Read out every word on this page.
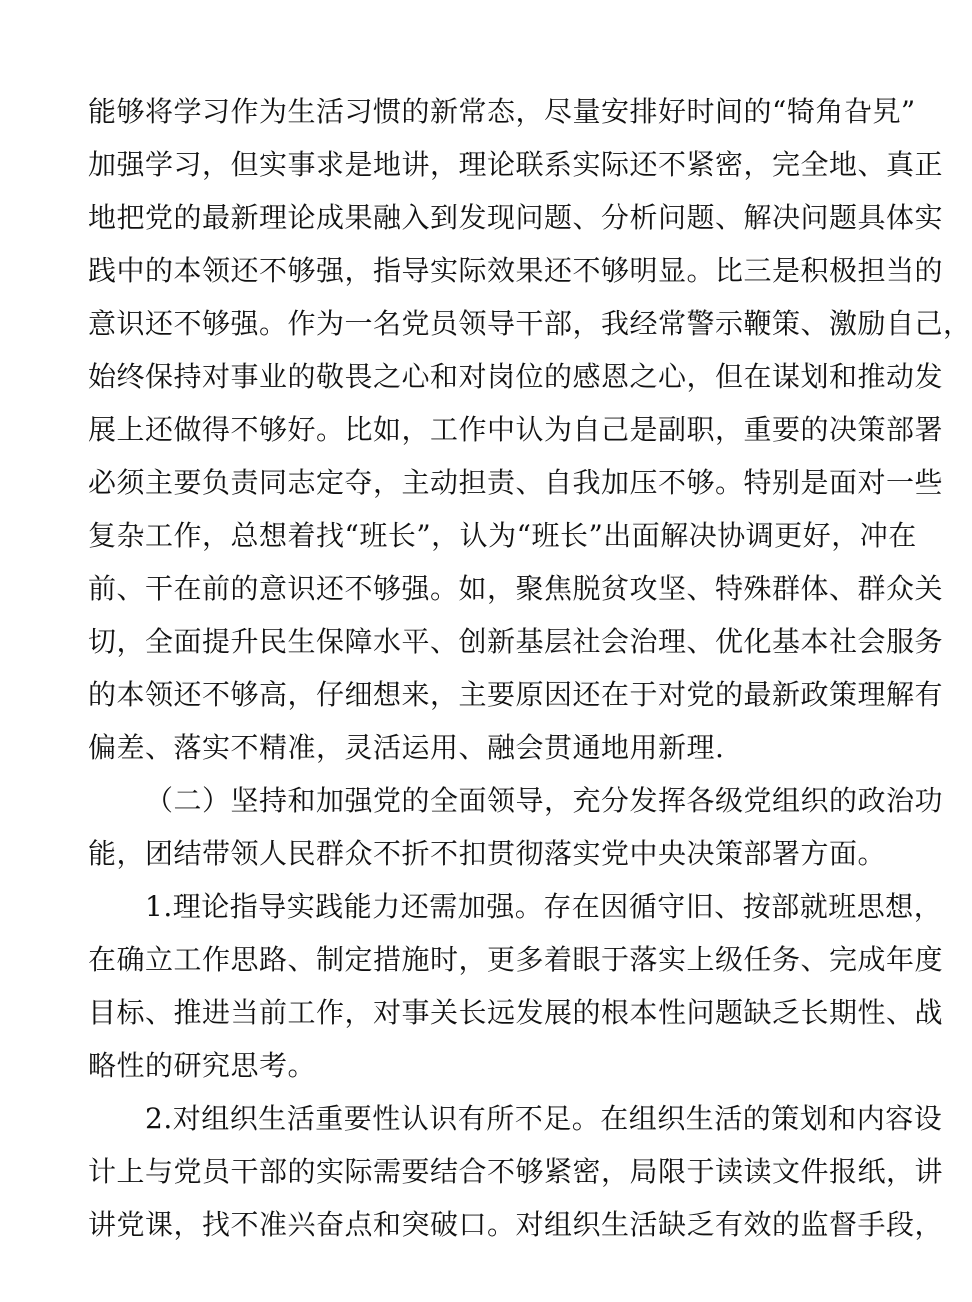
能够将学习作为生活习惯的新常态，尽量安排好时间的“犄角旮旯”
加强学习，但实事求是地讲，理论联系实际还不紧密，完全地、真正
地把党的最新理论成果融入到发现问题、分析问题、解决问题具体实
践中的本领还不够强，指导实际效果还不够明显。比三是积极担当的
意识还不够强。作为一名党员领导干部，我经常警示鞭策、激励自己，
始终保持对事业的敬畏之心和对岗位的感恩之心，但在谋划和推动发
展上还做得不够好。比如，工作中认为自己是副职，重要的决策部署
必须主要负责同志定夺，主动担责、自我加压不够。特别是面对一些
复杂工作，总想着找“班长”，认为“班长”出面解决协调更好，冲在
前、干在前的意识还不够强。如，聚焦脱贫攻坚、特殊群体、群众关
切，全面提升民生保障水平、创新基层社会治理、优化基本社会服务
的本领还不够高，仔细想来，主要原因还在于对党的最新政策理解有
偏差、落实不精准，灵活运用、融会贯通地用新理.
（二）坚持和加强党的全面领导，充分发挥各级党组织的政治功
能，团结带领人民群众不折不扣贯彻落实党中央决策部署方面。
1.理论指导实践能力还需加强。存在因循守旧、按部就班思想，
在确立工作思路、制定措施时，更多着眼于落实上级任务、完成年度
目标、推进当前工作，对事关长远发展的根本性问题缺乏长期性、战
略性的研究思考。
2.对组织生活重要性认识有所不足。在组织生活的策划和内容设
计上与党员干部的实际需要结合不够紧密，局限于读读文件报纸，讲
讲党课，找不准兴奋点和突破口。对组织生活缺乏有效的监督手段，
